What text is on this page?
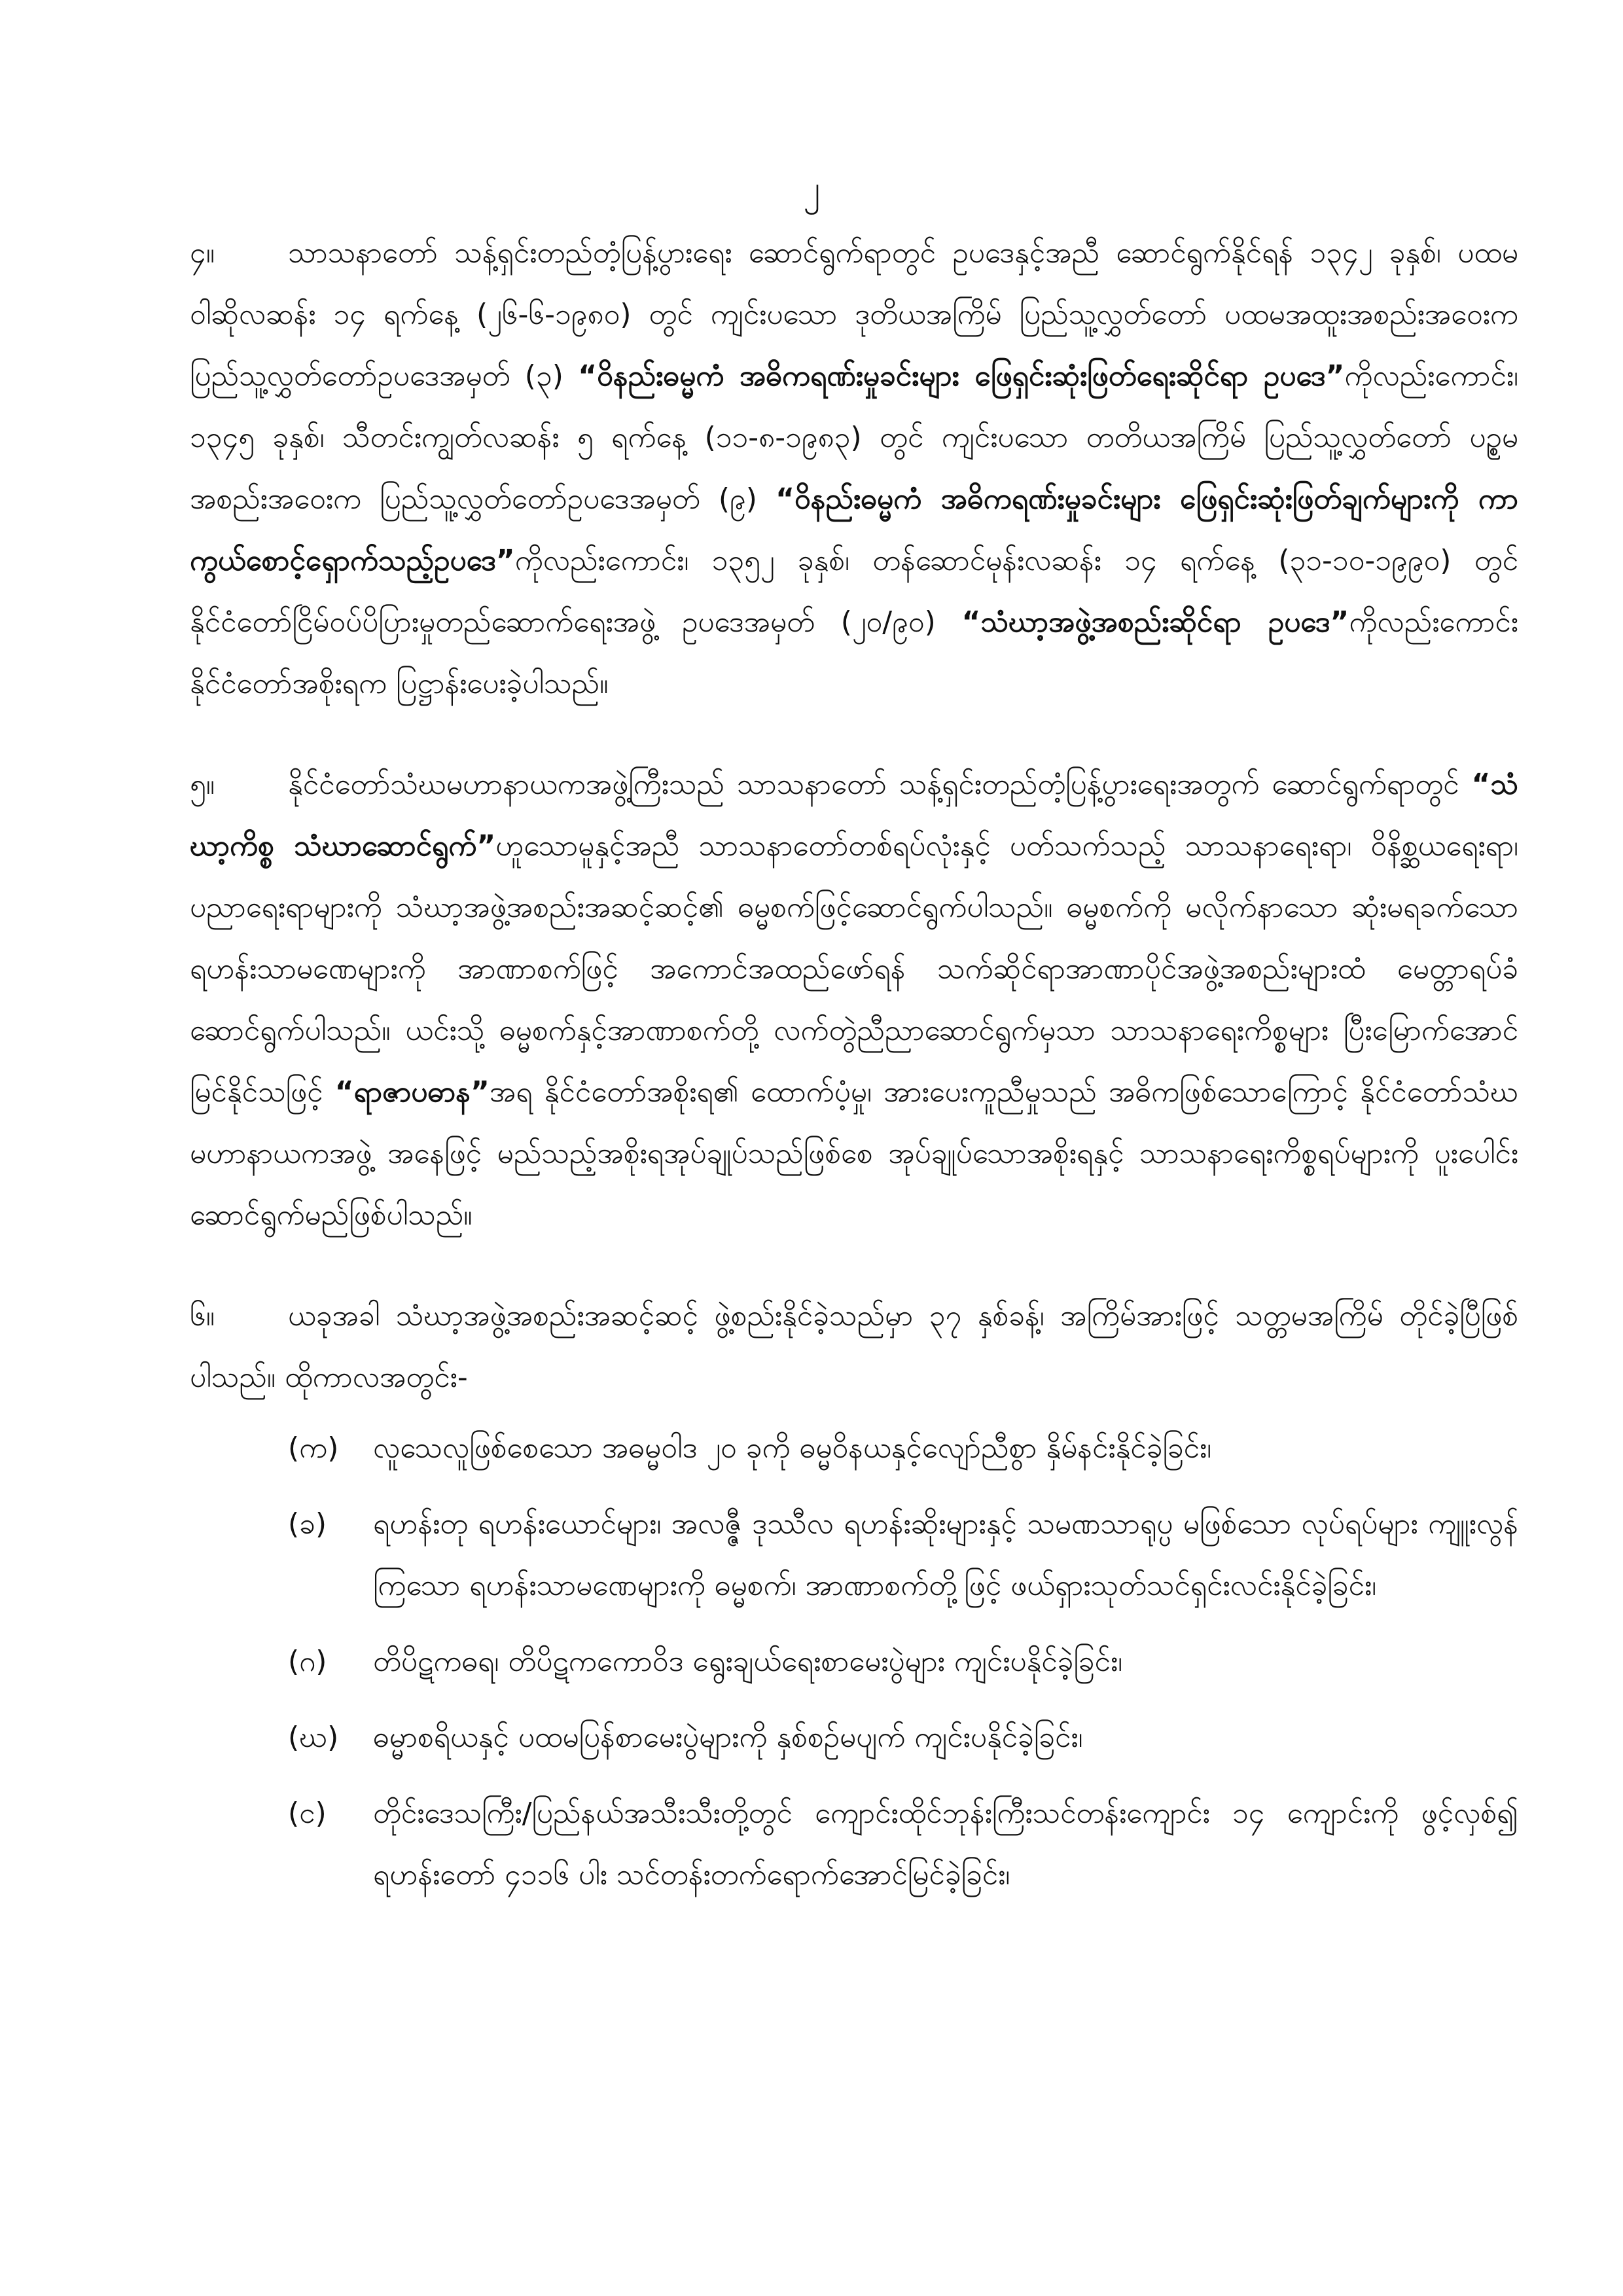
၂

၄။	သာသနာတော် သန့်ရှင်းတည်တံ့ပြန့်ပွားရေး ဆောင်ရွက်ရာတွင် ဥပဒေနှင့်အညီ ဆောင်ရွက်နိုင်ရန် ၁၃၄၂ ခုနှစ်၊ ပထမဝါဆိုလဆန်း ၁၄ ရက်နေ့ (၂၆-၆-၁၉၈၀) တွင် ကျင်းပသော ဒုတိယအကြိမ် ပြည်သူ့လွှတ်တော် ပထမအထူးအစည်းအဝေးက ပြည်သူ့လွှတ်တော်ဥပဒေအမှတ် (၃) “ဝိနည်းဓမ္မကံ အဓိကရဏ်းမှုခင်းများ ဖြေရှင်းဆုံးဖြတ်ရေးဆိုင်ရာ ဥပဒေ”ကိုလည်းကောင်း၊ ၁၃၄၅ ခုနှစ်၊ သီတင်းကျွတ်လဆန်း ၅ ရက်နေ့ (၁၁-၈-၁၉၈၃) တွင် ကျင်းပသော တတိယအကြိမ် ပြည်သူ့လွှတ်တော် ပဉ္စမအစည်းအဝေးက ပြည်သူ့လွှတ်တော်ဥပဒေအမှတ် (၉) “ဝိနည်းဓမ္မကံ အဓိကရဏ်းမှုခင်းများ ဖြေရှင်းဆုံးဖြတ်ချက်များကို ကာကွယ်စောင့်ရှောက်သည့်ဥပဒေ”ကိုလည်းကောင်း၊ ၁၃၅၂ ခုနှစ်၊ တန်ဆောင်မုန်းလဆန်း ၁၄ ရက်နေ့ (၃၁-၁၀-၁၉၉၀) တွင် နိုင်ငံတော်ငြိမ်ဝပ်ပိပြားမှုတည်ဆောက်ရေးအဖွဲ့ ဥပဒေအမှတ် (၂၀/၉၀) “သံဃာ့အဖွဲ့အစည်းဆိုင်ရာ ဥပဒေ”ကိုလည်းကောင်း နိုင်ငံတော်အစိုးရက ပြဋ္ဌာန်းပေးခဲ့ပါသည်။

၅။	နိုင်ငံတော်သံဃမဟာနာယကအဖွဲ့ကြီးသည် သာသနာတော် သန့်ရှင်းတည်တံ့ပြန့်ပွားရေးအတွက် ဆောင်ရွက်ရာတွင် “သံဃာ့ကိစ္စ သံဃာဆောင်ရွက်”ဟူသောမူနှင့်အညီ သာသနာတော်တစ်ရပ်လုံးနှင့် ပတ်သက်သည့် သာသနာရေးရာ၊ ဝိနိစ္ဆယရေးရာ၊ ပညာရေးရာများကို သံဃာ့အဖွဲ့အစည်းအဆင့်ဆင့်၏ ဓမ္မစက်ဖြင့်ဆောင်ရွက်ပါသည်။ ဓမ္မစက်ကို မလိုက်နာသော ဆုံးမရခက်သော ရဟန်းသာမဏေများကို အာဏာစက်ဖြင့် အကောင်အထည်ဖော်ရန် သက်ဆိုင်ရာအာဏာပိုင်အဖွဲ့အစည်းများထံ မေတ္တာရပ်ခံ ဆောင်ရွက်ပါသည်။ ယင်းသို့ ဓမ္မစက်နှင့်အာဏာစက်တို့ လက်တွဲညီညာဆောင်ရွက်မှသာ သာသနာရေးကိစ္စများ ပြီးမြောက်အောင်မြင်နိုင်သဖြင့် “ရာဇာပဓာန”အရ နိုင်ငံတော်အစိုးရ၏ ထောက်ပံ့မှု၊ အားပေးကူညီမှုသည် အဓိကဖြစ်သောကြောင့် နိုင်ငံတော်သံဃမဟာနာယကအဖွဲ့ အနေဖြင့် မည်သည့်အစိုးရအုပ်ချုပ်သည်ဖြစ်စေ အုပ်ချုပ်သောအစိုးရနှင့် သာသနာရေးကိစ္စရပ်များကို ပူးပေါင်းဆောင်ရွက်မည်ဖြစ်ပါသည်။

၆။	ယခုအခါ သံဃာ့အဖွဲ့အစည်းအဆင့်ဆင့် ဖွဲ့စည်းနိုင်ခဲ့သည်မှာ ၃၇ နှစ်ခန့်၊ အကြိမ်အားဖြင့် သတ္တမအကြိမ် တိုင်ခဲ့ပြီဖြစ်ပါသည်။ ထိုကာလအတွင်း-

(က) လူသေလူဖြစ်စေသော အဓမ္မဝါဒ ၂၀ ခုကို ဓမ္မဝိနယနှင့်လျော်ညီစွာ နှိမ်နင်းနိုင်ခဲ့ခြင်း၊
(ခ) ရဟန်းတု ရဟန်းယောင်များ၊ အလဇ္ဇီ ဒုဿီလ ရဟန်းဆိုးများနှင့် သမဏသာရုပ္ပ မဖြစ်သော လုပ်ရပ်များ ကျူးလွန်ကြသော ရဟန်းသာမဏေများကို ဓမ္မစက်၊ အာဏာစက်တို့ဖြင့် ဖယ်ရှားသုတ်သင်ရှင်းလင်းနိုင်ခဲ့ခြင်း၊
(ဂ) တိပိဋကဓရ၊ တိပိဋကကောဝိဒ ရွေးချယ်ရေးစာမေးပွဲများ ကျင်းပနိုင်ခဲ့ခြင်း၊
(ဃ) ဓမ္မာစရိယနှင့် ပထမပြန်စာမေးပွဲများကို နှစ်စဉ်မပျက် ကျင်းပနိုင်ခဲ့ခြင်း၊
(င) တိုင်းဒေသကြီး/ပြည်နယ်အသီးသီးတို့တွင် ကျောင်းထိုင်ဘုန်းကြီးသင်တန်းကျောင်း ၁၄ ကျောင်းကို ဖွင့်လှစ်၍ ရဟန်းတော် ၄၁၁၆ ပါး သင်တန်းတက်ရောက်အောင်မြင်ခဲ့ခြင်း၊
